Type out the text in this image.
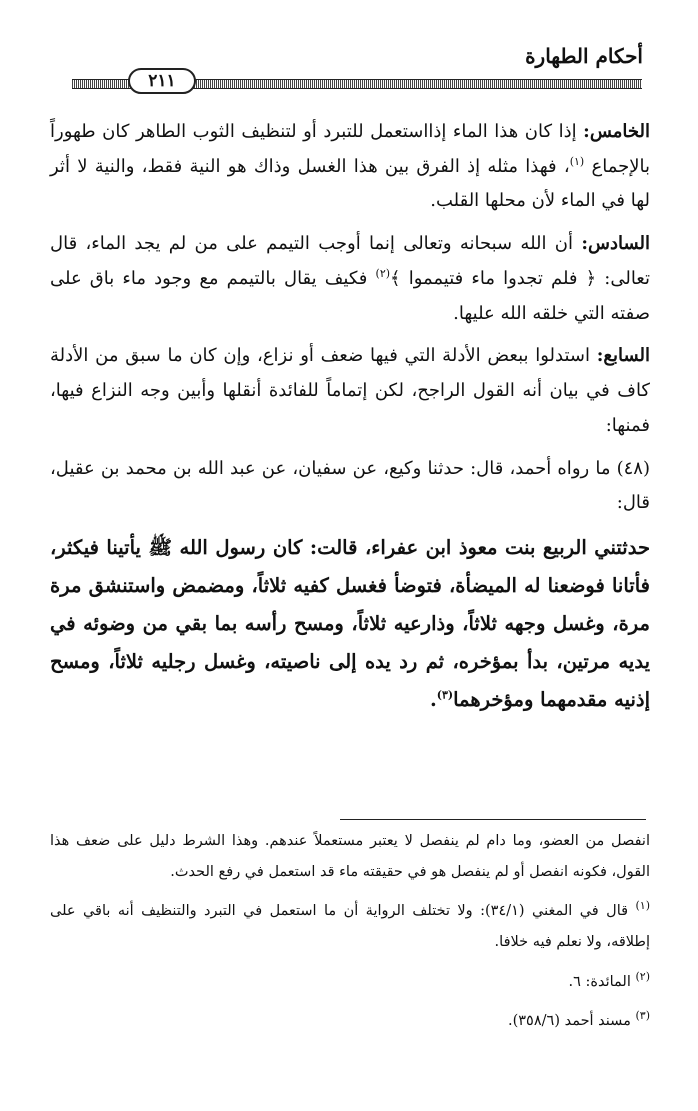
أحكام الطهارة
٢١١

الخامس: إذا كان هذا الماء إذااستعمل للتبرد أو لتنظيف الثوب الطاهر كان طهوراً بالإجماع $^{(١)}$، فهذا مثله إذ الفرق بين هذا الغسل وذاك هو النية فقط، والنية لا أثر لها في الماء لأن محلها القلب.

السادس: أن الله سبحانه وتعالى إنما أوجب التيمم على من لم يجد الماء، قال تعالى: ﴿ فلم تجدوا ماء فتيمموا ﴾$^{(٢)}$ فكيف يقال بالتيمم مع وجود ماء باق على صفته التي خلقه الله عليها.

السابع: استدلوا ببعض الأدلة التي فيها ضعف أو نزاع، وإن كان ما سبق من الأدلة كاف في بيان أنه القول الراجح، لكن إتماماً للفائدة أنقلها وأبين وجه النزاع فيها، فمنها:

(٤٨) ما رواه أحمد، قال: حدثنا وكيع، عن سفيان، عن عبد الله بن محمد بن عقيل، قال:

حدثتني الربيع بنت معوذ ابن عفراء، قالت: كان رسول الله ﷺ يأتينا فيكثر، فأتانا فوضعنا له الميضأة، فتوضأ فغسل كفيه ثلاثاً، ومضمض واستنشق مرة مرة، وغسل وجهه ثلاثاً، وذارعيه ثلاثاً، ومسح رأسه بما بقي من وضوئه في يديه مرتين، بدأ بمؤخره، ثم رد يده إلى ناصيته، وغسل رجليه ثلاثاً، ومسح إذنيه مقدمهما ومؤخرهما$^{(٣)}$.

انفصل من العضو، وما دام لم ينفصل لا يعتبر مستعملاً عندهم. وهذا الشرط دليل على ضعف هذا القول، فكونه انفصل أو لم ينفصل هو في حقيقته ماء قد استعمل في رفع الحدث.

$^{(١)}$ قال في المغني (٣٤/١): ولا تختلف الرواية أن ما استعمل في التبرد والتنظيف أنه باقي على إطلاقه، ولا نعلم فيه خلافا.

$^{(٢)}$ المائدة: ٦.

$^{(٣)}$ مسند أحمد (٣٥٨/٦).
